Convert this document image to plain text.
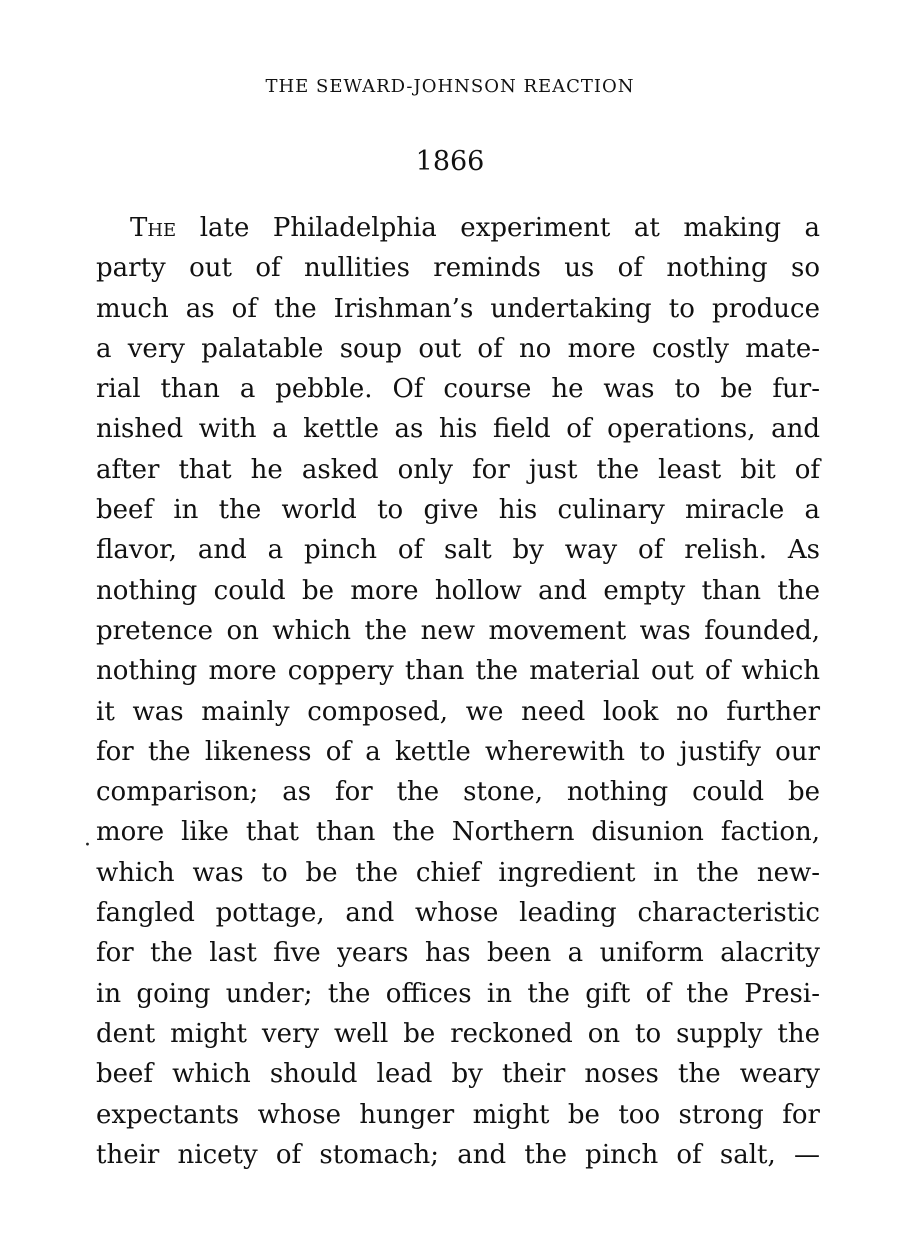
THE SEWARD-JOHNSON REACTION
1866
·
The late Philadelphia experiment at making a
party out of nullities reminds us of nothing so
much as of the Irishman’s undertaking to produce
a very palatable soup out of no more costly mate-
rial than a pebble. Of course he was to be fur-
nished with a kettle as his field of operations, and
after that he asked only for just the least bit of
beef in the world to give his culinary miracle a
flavor, and a pinch of salt by way of relish. As
nothing could be more hollow and empty than the
pretence on which the new movement was founded,
nothing more coppery than the material out of which
it was mainly composed, we need look no further
for the likeness of a kettle wherewith to justify our
comparison; as for the stone, nothing could be
more like that than the Northern disunion faction,
which was to be the chief ingredient in the new-
fangled pottage, and whose leading characteristic
for the last five years has been a uniform alacrity
in going under; the offices in the gift of the Presi-
dent might very well be reckoned on to supply the
beef which should lead by their noses the weary
expectants whose hunger might be too strong for
their nicety of stomach; and the pinch of salt, —
